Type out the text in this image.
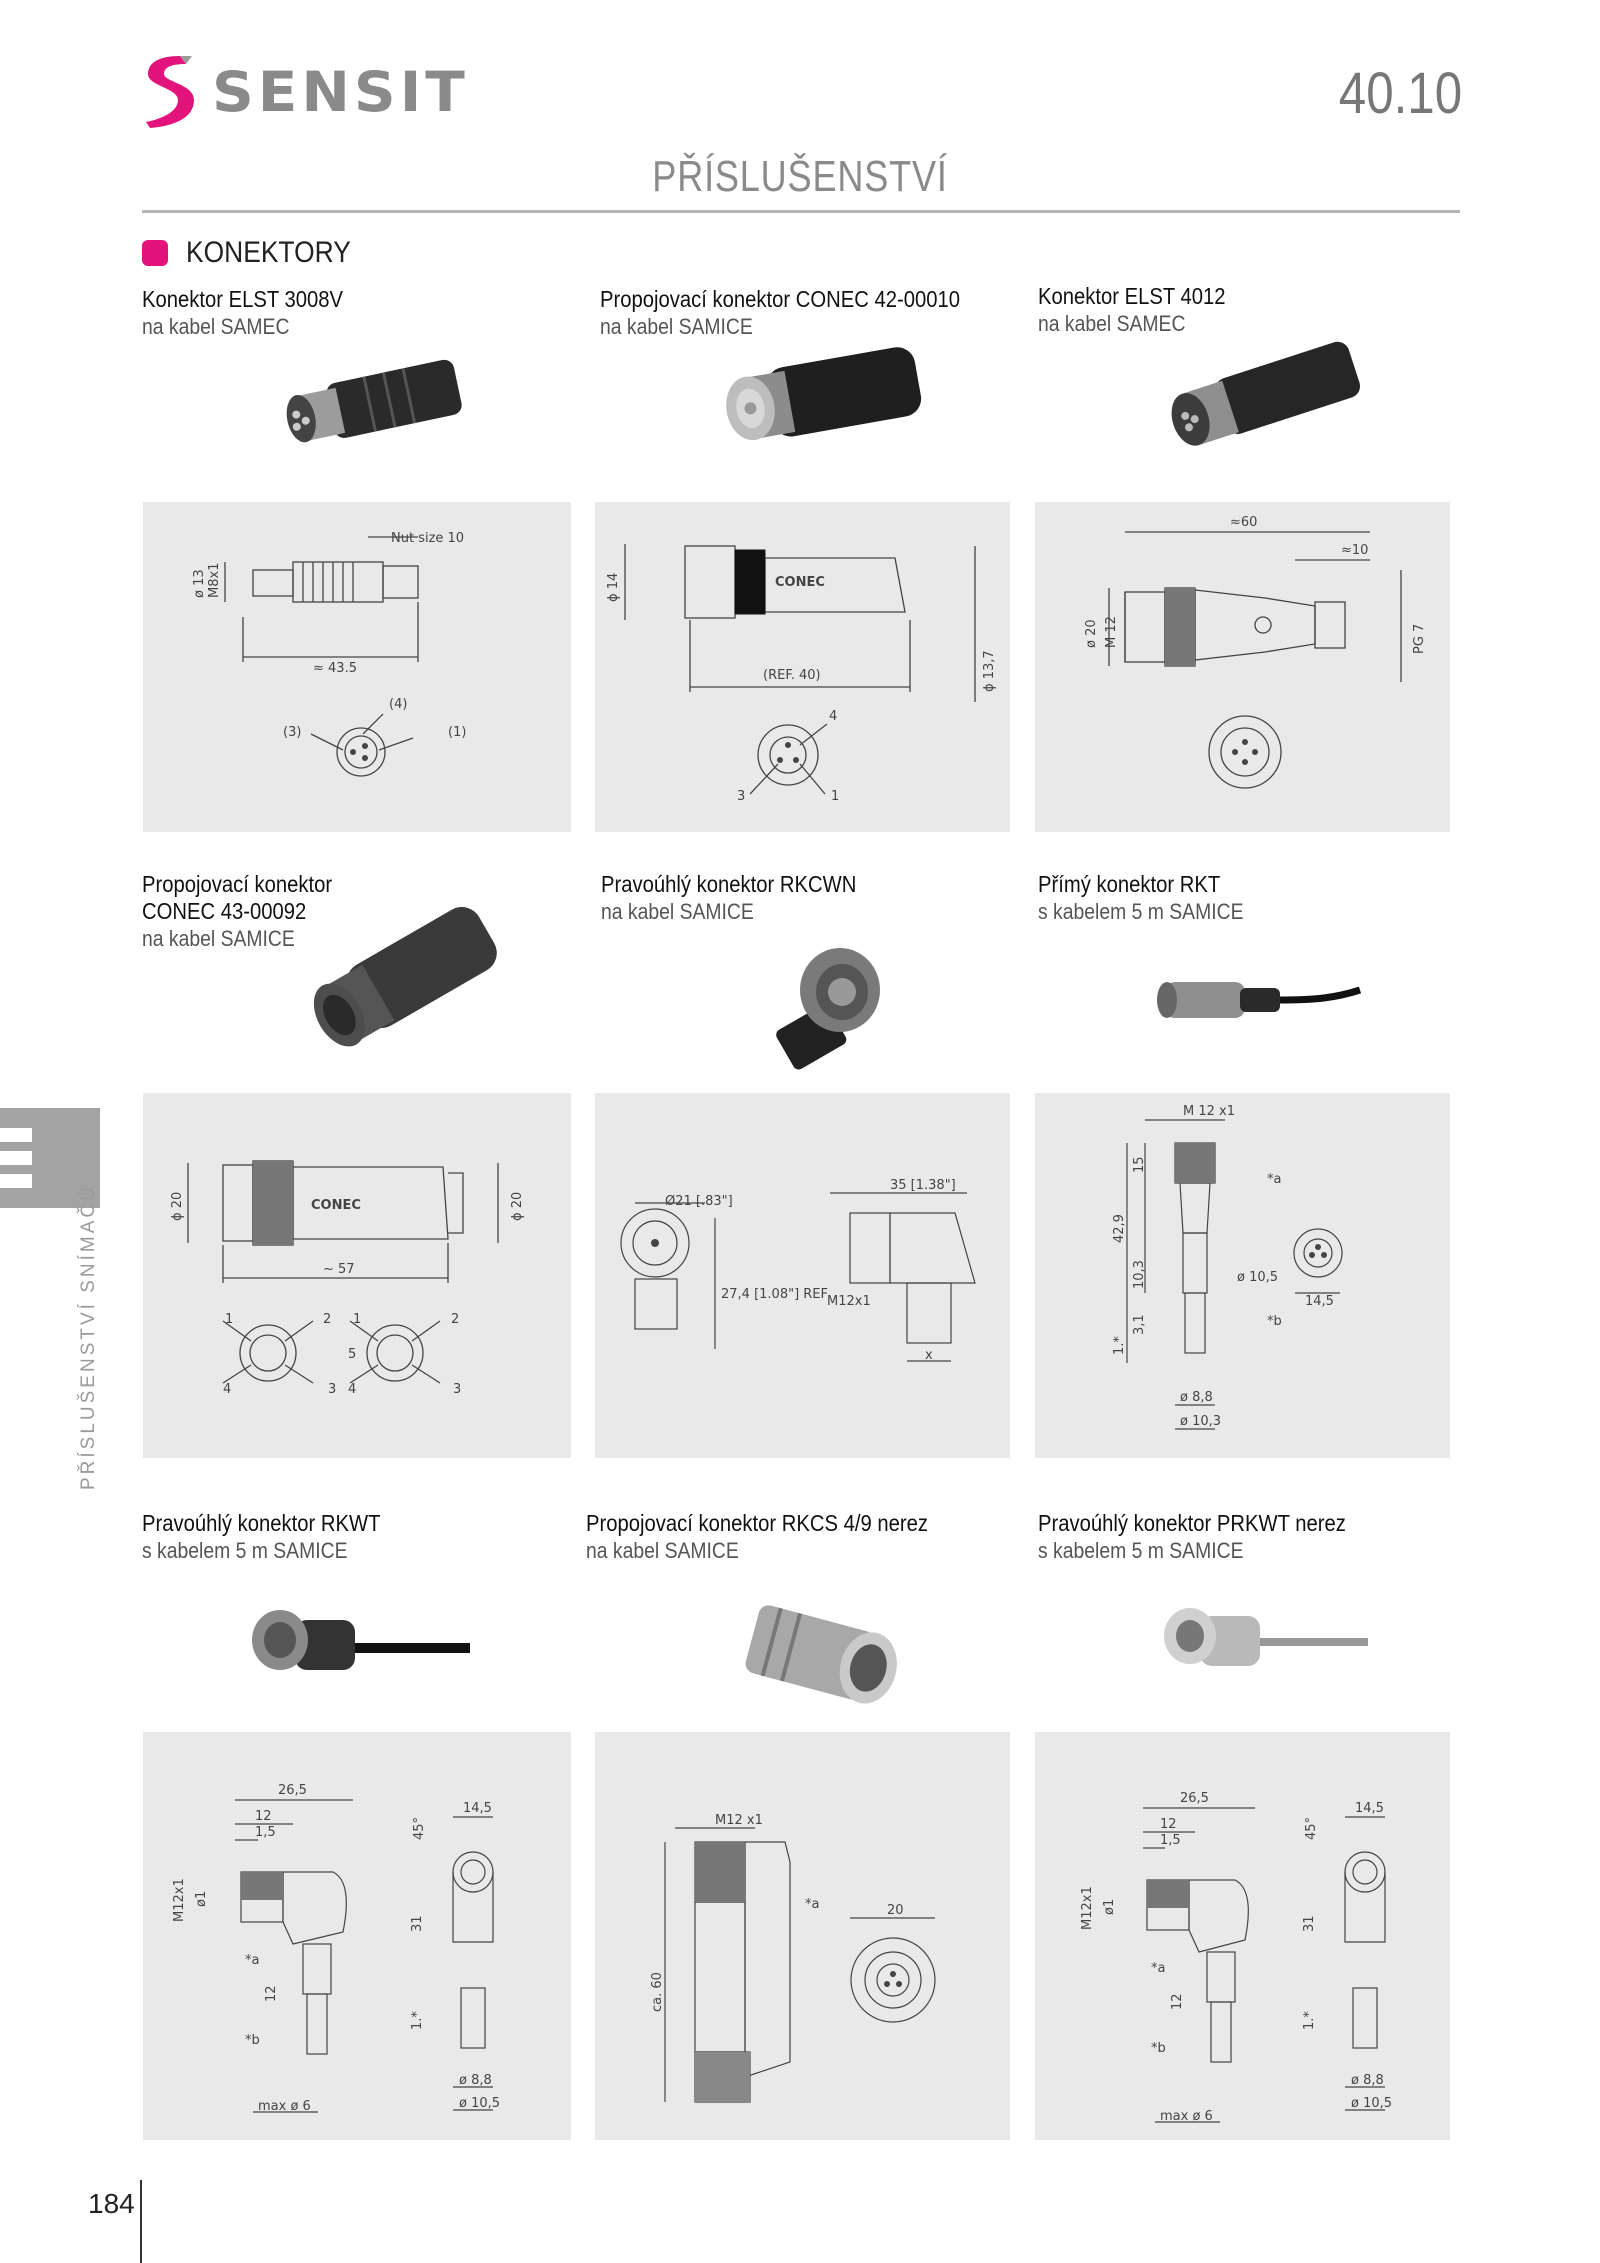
SENSIT	40.10
PŘÍSLUŠENSTVÍ
KONEKTORY
PŘÍSLUŠENSTVÍ SNÍMAČŮ
Konektor ELST 3008V
na kabel SAMEC
Propojovací konektor CONEC 42-00010
na kabel SAMICE
Konektor ELST 4012
na kabel SAMEC
Nut size 10
≈ 43.5
ø 13 M8x1
(3)
(4)
(1)
CONEC
ϕ 14
(REF. 40)	ϕ 13,7
4
3	1
≈60
≈10
ø 20 M 12	PG 7
Propojovací konektor
CONEC 43-00092
na kabel SAMICE
Pravoúhlý konektor RKCWN
na kabel SAMICE
Přímý konektor RKT
s kabelem 5 m SAMICE
CONEC
ϕ 20	ϕ 20
~ 57
1	2
3
4
1	2
3
4
5
Ø21 [.83"]
35 [1.38"]
27,4 [1.08"] REF
M12x1
x
M 12 x1
15
42,9
10,3
3,1
1.*
ø 10,5
14,5
*a
*b
ø 8,8
ø 10,3
Pravoúhlý konektor RKWT
s kabelem 5 m SAMICE
Propojovací konektor RKCS 4/9 nerez
na kabel SAMICE
Pravoúhlý konektor PRKWT nerez
s kabelem 5 m SAMICE
26,5
12
1,5
M12x1 ø1
*a
*b
12
max ø 6
14,5
45°
31
1.*
ø 8,8
ø 10,5
M12 x1
*a
ca. 60
20
26,5
12
1,5
M12x1 ø1
*a
*b
12
max ø 6
14,5
45°
31
1.*
ø 8,8
ø 10,5
184
